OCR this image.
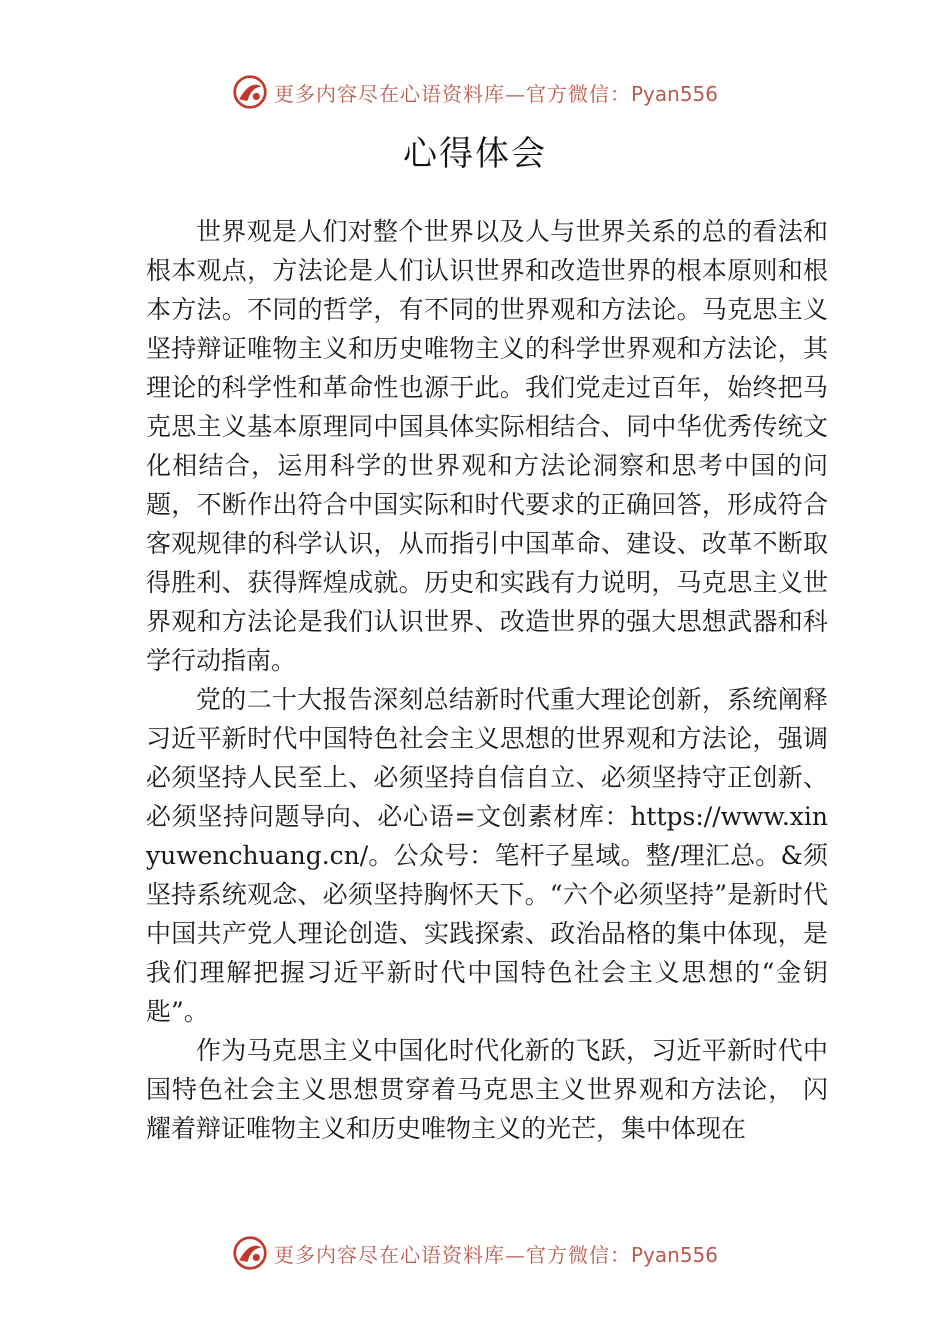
更多内容尽在心语资料库—官方微信：Pyan556
心得体会

世界观是人们对整个世界以及人与世界关系的总的看法和根本观点，方法论是人们认识世界和改造世界的根本原则和根本方法。不同的哲学，有不同的世界观和方法论。马克思主义坚持辩证唯物主义和历史唯物主义的科学世界观和方法论，其理论的科学性和革命性也源于此。我们党走过百年，始终把马克思主义基本原理同中国具体实际相结合、同中华优秀传统文化相结合，运用科学的世界观和方法论洞察和思考中国的问题，不断作出符合中国实际和时代要求的正确回答，形成符合客观规律的科学认识，从而指引中国革命、建设、改革不断取得胜利、获得辉煌成就。历史和实践有力说明，马克思主义世界观和方法论是我们认识世界、改造世界的强大思想武器和科学行动指南。

党的二十大报告深刻总结新时代重大理论创新，系统阐释习近平新时代中国特色社会主义思想的世界观和方法论，强调必须坚持人民至上、必须坚持自信自立、必须坚持守正创新、必须坚持问题导向、必心语=文创素材库：https://www.xinyuwenchuang.cn/。公众号：笔杆子星域。整/理汇总。&须坚持系统观念、必须坚持胸怀天下。“六个必须坚持”是新时代中国共产党人理论创造、实践探索、政治品格的集中体现，是我们理解把握习近平新时代中国特色社会主义思想的“金钥匙”。

作为马克思主义中国化时代化新的飞跃，习近平新时代中国特色社会主义思想贯穿着马克思主义世界观和方法论， 闪耀着辩证唯物主义和历史唯物主义的光芒，集中体现在

更多内容尽在心语资料库—官方微信：Pyan556
